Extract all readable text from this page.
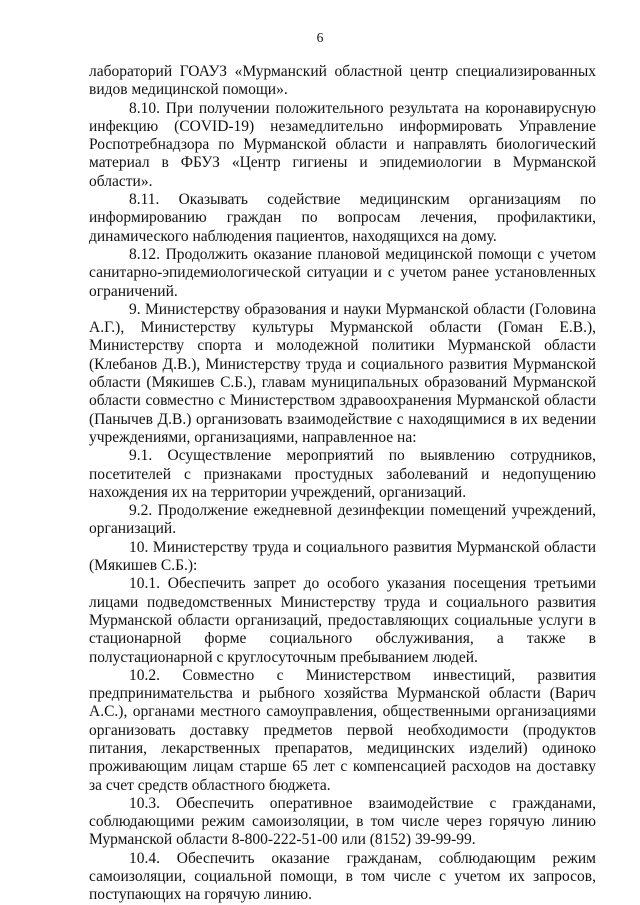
6

лабораторий ГОАУЗ «Мурманский областной центр специализированных видов медицинской помощи».

8.10. При получении положительного результата на коронавирусную инфекцию (COVID-19) незамедлительно информировать Управление Роспотребнадзора по Мурманской области и направлять биологический материал в ФБУЗ «Центр гигиены и эпидемиологии в Мурманской области».

8.11. Оказывать содействие медицинским организациям по информированию граждан по вопросам лечения, профилактики, динамического наблюдения пациентов, находящихся на дому.

8.12. Продолжить оказание плановой медицинской помощи с учетом санитарно-эпидемиологической ситуации и с учетом ранее установленных ограничений.

9. Министерству образования и науки Мурманской области (Головина А.Г.), Министерству культуры Мурманской области (Гоман Е.В.), Министерству спорта и молодежной политики Мурманской области (Клебанов Д.В.), Министерству труда и социального развития Мурманской области (Мякишев С.Б.), главам муниципальных образований Мурманской области совместно с Министерством здравоохранения Мурманской области (Панычев Д.В.) организовать взаимодействие с находящимися в их ведении учреждениями, организациями, направленное на:

9.1. Осуществление мероприятий по выявлению сотрудников, посетителей с признаками простудных заболеваний и недопущению нахождения их на территории учреждений, организаций.

9.2. Продолжение ежедневной дезинфекции помещений учреждений, организаций.

10. Министерству труда и социального развития Мурманской области (Мякишев С.Б.):

10.1. Обеспечить запрет до особого указания посещения третьими лицами подведомственных Министерству труда и социального развития Мурманской области организаций, предоставляющих социальные услуги в стационарной форме социального обслуживания, а также в полустационарной с круглосуточным пребыванием людей.

10.2. Совместно с Министерством инвестиций, развития предпринимательства и рыбного хозяйства Мурманской области (Варич А.С.), органами местного самоуправления, общественными организациями организовать доставку предметов первой необходимости (продуктов питания, лекарственных препаратов, медицинских изделий) одиноко проживающим лицам старше 65 лет с компенсацией расходов на доставку за счет средств областного бюджета.

10.3. Обеспечить оперативное взаимодействие с гражданами, соблюдающими режим самоизоляции, в том числе через горячую линию Мурманской области 8-800-222-51-00 или (8152) 39-99-99.

10.4. Обеспечить оказание гражданам, соблюдающим режим самоизоляции, социальной помощи, в том числе с учетом их запросов, поступающих на горячую линию.
